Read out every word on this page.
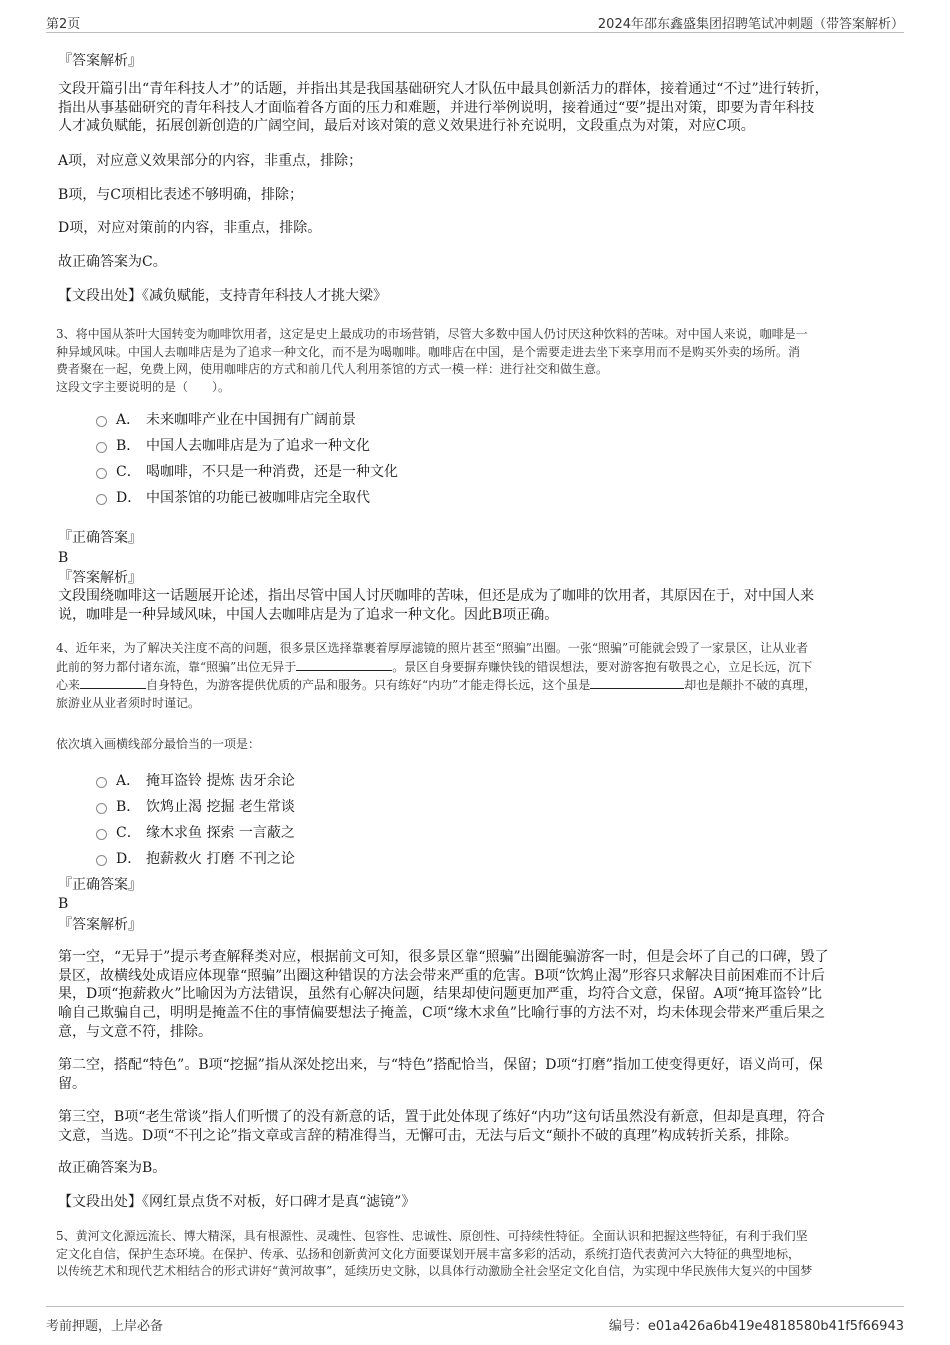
第2页	2024年邵东鑫盛集团招聘笔试冲刺题（带答案解析）
『答案解析』
文段开篇引出“青年科技人才”的话题，并指出其是我国基础研究人才队伍中最具创新活力的群体，接着通过“不过”进行转折，
指出从事基础研究的青年科技人才面临着各方面的压力和难题，并进行举例说明，接着通过“要”提出对策，即要为青年科技
人才减负赋能，拓展创新创造的广阔空间，最后对该对策的意义效果进行补充说明，文段重点为对策，对应C项。
A项，对应意义效果部分的内容，非重点，排除；
B项，与C项相比表述不够明确，排除；
D项，对应对策前的内容，非重点，排除。
故正确答案为C。
【文段出处】《减负赋能，支持青年科技人才挑大梁》
3、将中国从茶叶大国转变为咖啡饮用者，这定是史上最成功的市场营销，尽管大多数中国人仍讨厌这种饮料的苦味。对中国人来说，咖啡是一
种异域风味。中国人去咖啡店是为了追求一种文化，而不是为喝咖啡。咖啡店在中国，是个需要走进去坐下来享用而不是购买外卖的场所。消
费者聚在一起，免费上网，使用咖啡店的方式和前几代人利用茶馆的方式一模一样：进行社交和做生意。
这段文字主要说明的是（　　）。
A． 未来咖啡产业在中国拥有广阔前景
B． 中国人去咖啡店是为了追求一种文化
C． 喝咖啡，不只是一种消费，还是一种文化
D． 中国茶馆的功能已被咖啡店完全取代
『正确答案』
B
『答案解析』
文段围绕咖啡这一话题展开论述，指出尽管中国人讨厌咖啡的苦味，但还是成为了咖啡的饮用者，其原因在于，对中国人来
说，咖啡是一种异域风味，中国人去咖啡店是为了追求一种文化。因此B项正确。
4、近年来，为了解决关注度不高的问题，很多景区选择靠裹着厚厚滤镜的照片甚至“照骗”出圈。一张“照骗”可能就会毁了一家景区，让从业者
此前的努力都付诸东流，靠“照骗”出位无异于	。景区自身要摒弃赚快钱的错误想法，要对游客抱有敬畏之心，立足长远，沉下
心来	自身特色，为游客提供优质的产品和服务。只有练好“内功”才能走得长远，这个虽是	却也是颠扑不破的真理，
旅游业从业者须时时谨记。
依次填入画横线部分最恰当的一项是：
A． 掩耳盗铃 提炼 齿牙余论
B． 饮鸩止渴 挖掘 老生常谈
C． 缘木求鱼 探索 一言蔽之
D． 抱薪救火 打磨 不刊之论
『正确答案』
B
『答案解析』
第一空，“无异于”提示考查解释类对应，根据前文可知，很多景区靠“照骗”出圈能骗游客一时，但是会坏了自己的口碑，毁了
景区，故横线处成语应体现靠“照骗”出圈这种错误的方法会带来严重的危害。B项“饮鸩止渴”形容只求解决目前困难而不计后
果，D项“抱薪救火”比喻因为方法错误，虽然有心解决问题，结果却使问题更加严重，均符合文意，保留。A项“掩耳盗铃”比
喻自己欺骗自己，明明是掩盖不住的事情偏要想法子掩盖，C项“缘木求鱼”比喻行事的方法不对，均未体现会带来严重后果之
意，与文意不符，排除。
第二空，搭配“特色”。B项“挖掘”指从深处挖出来，与“特色”搭配恰当，保留；D项“打磨”指加工使变得更好，语义尚可，保
留。
第三空，B项“老生常谈”指人们听惯了的没有新意的话，置于此处体现了练好“内功”这句话虽然没有新意，但却是真理，符合
文意，当选。D项“不刊之论”指文章或言辞的精准得当，无懈可击，无法与后文“颠扑不破的真理”构成转折关系，排除。
故正确答案为B。
【文段出处】《网红景点货不对板，好口碑才是真“滤镜”》
5、黄河文化源远流长、博大精深，具有根源性、灵魂性、包容性、忠诚性、原创性、可持续性特征。全面认识和把握这些特征，有利于我们坚
定文化自信，保护生态环境。在保护、传承、弘扬和创新黄河文化方面要谋划开展丰富多彩的活动，系统打造代表黄河六大特征的典型地标，
以传统艺术和现代艺术相结合的形式讲好“黄河故事”，延续历史文脉，以具体行动激励全社会坚定文化自信，为实现中华民族伟大复兴的中国梦
考前押题，上岸必备	编号：e01a426a6b419e4818580b41f5f66943
